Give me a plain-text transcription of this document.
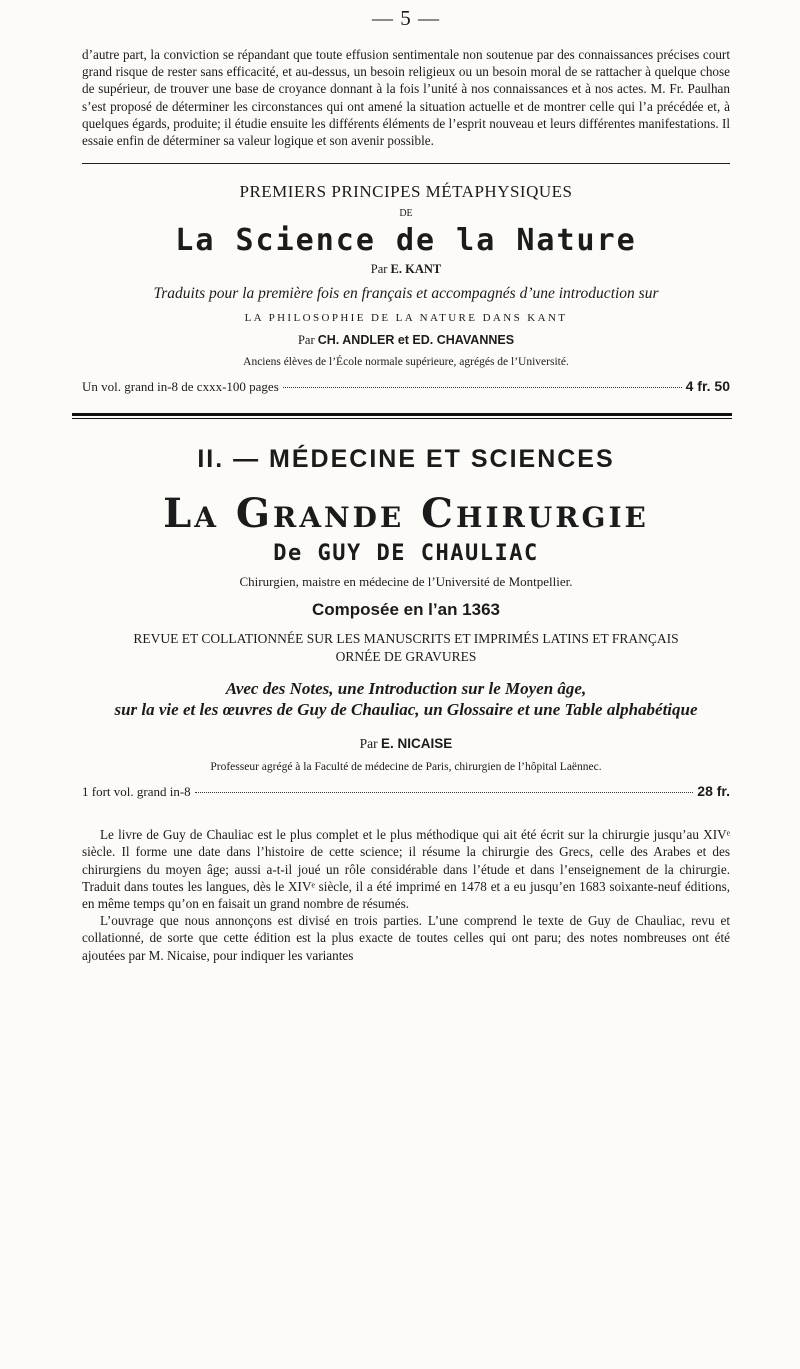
— 5 —

d’autre part, la conviction se répandant que toute effusion sentimentale non soutenue par des connaissances précises court grand risque de rester sans efficacité, et au-dessus, un besoin religieux ou un besoin moral de se rattacher à quelque chose de supérieur, de trouver une base de croyance donnant à la fois l’unité à nos connaissances et à nos actes. M. Fr. Paulhan s’est proposé de déterminer les circonstances qui ont amené la situation actuelle et de montrer celle qui l’a précédée et, à quelques égards, produite; il étudie ensuite les différents éléments de l’esprit nouveau et leurs différentes manifestations. Il essaie enfin de déterminer sa valeur logique et son avenir possible.

PREMIERS PRINCIPES MÉTAPHYSIQUES
DE
La Science de la Nature
Par E. KANT
Traduits pour la première fois en français et accompagnés d’une introduction sur
LA PHILOSOPHIE DE LA NATURE DANS KANT
Par CH. ANDLER et ED. CHAVANNES
Anciens élèves de l’École normale supérieure, agrégés de l’Université.
Un vol. grand in-8 de cxxx-100 pages	4 fr. 50
II. — MÉDECINE ET SCIENCES
La Grande Chirurgie
De GUY DE CHAULIAC
Chirurgien, maistre en médecine de l’Université de Montpellier.
Composée en l’an 1363
REVUE ET COLLATIONNÉE SUR LES MANUSCRITS ET IMPRIMÉS LATINS ET FRANÇAIS
ORNÉE DE GRAVURES
Avec des Notes, une Introduction sur le Moyen âge,
sur la vie et les œuvres de Guy de Chauliac, un Glossaire et une Table alphabétique
Par E. NICAISE
Professeur agrégé à la Faculté de médecine de Paris, chirurgien de l’hôpital Laënnec.
1 fort vol. grand in-8	28 fr.

Le livre de Guy de Chauliac est le plus complet et le plus méthodique qui ait été écrit sur la chirurgie jusqu’au XIVᵉ siècle. Il forme une date dans l’histoire de cette science; il résume la chirurgie des Grecs, celle des Arabes et des chirurgiens du moyen âge; aussi a-t-il joué un rôle considérable dans l’étude et dans l’enseignement de la chirurgie. Traduit dans toutes les langues, dès le XIVᵉ siècle, il a été imprimé en 1478 et a eu jusqu’en 1683 soixante-neuf éditions, en même temps qu’on en faisait un grand nombre de résumés.

L’ouvrage que nous annonçons est divisé en trois parties. L’une comprend le texte de Guy de Chauliac, revu et collationné, de sorte que cette édition est la plus exacte de toutes celles qui ont paru; des notes nombreuses ont été ajoutées par M. Nicaise, pour indiquer les variantes
